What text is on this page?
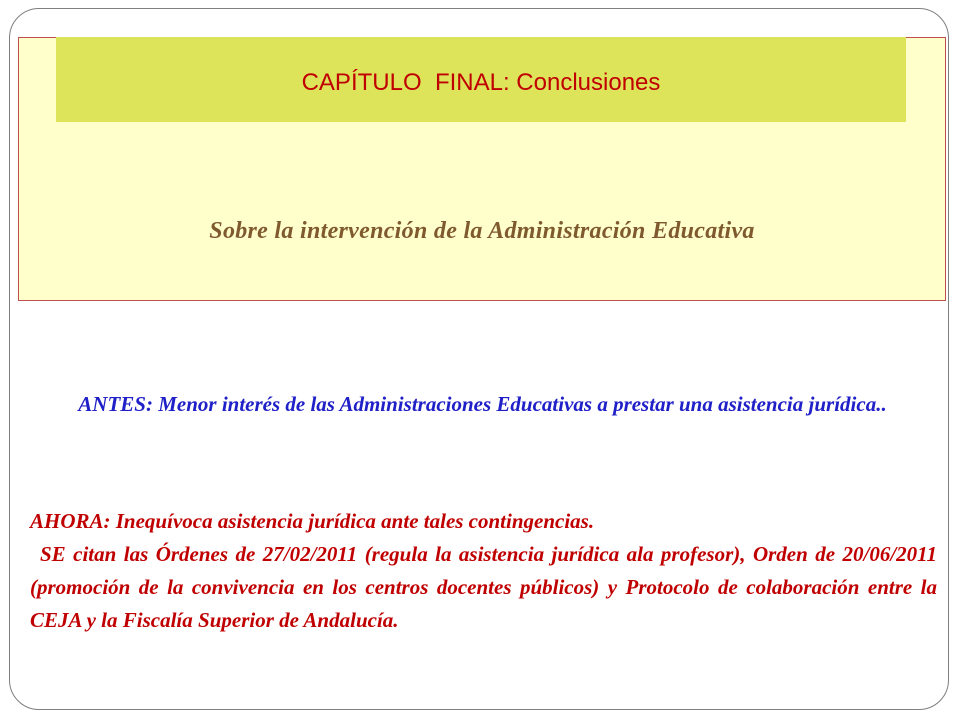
CAPÍTULO  FINAL: Conclusiones
Sobre la intervención de la Administración Educativa
ANTES: Menor interés de las Administraciones Educativas a prestar una asistencia jurídica..

AHORA: Inequívoca asistencia jurídica ante tales contingencias.

SE citan las Órdenes de 27/02/2011 (regula la asistencia jurídica ala profesor), Orden de 20/06/2011 (promoción de la convivencia en los centros docentes públicos) y Protocolo de colaboración entre la CEJA y la Fiscalía Superior de Andalucía.
